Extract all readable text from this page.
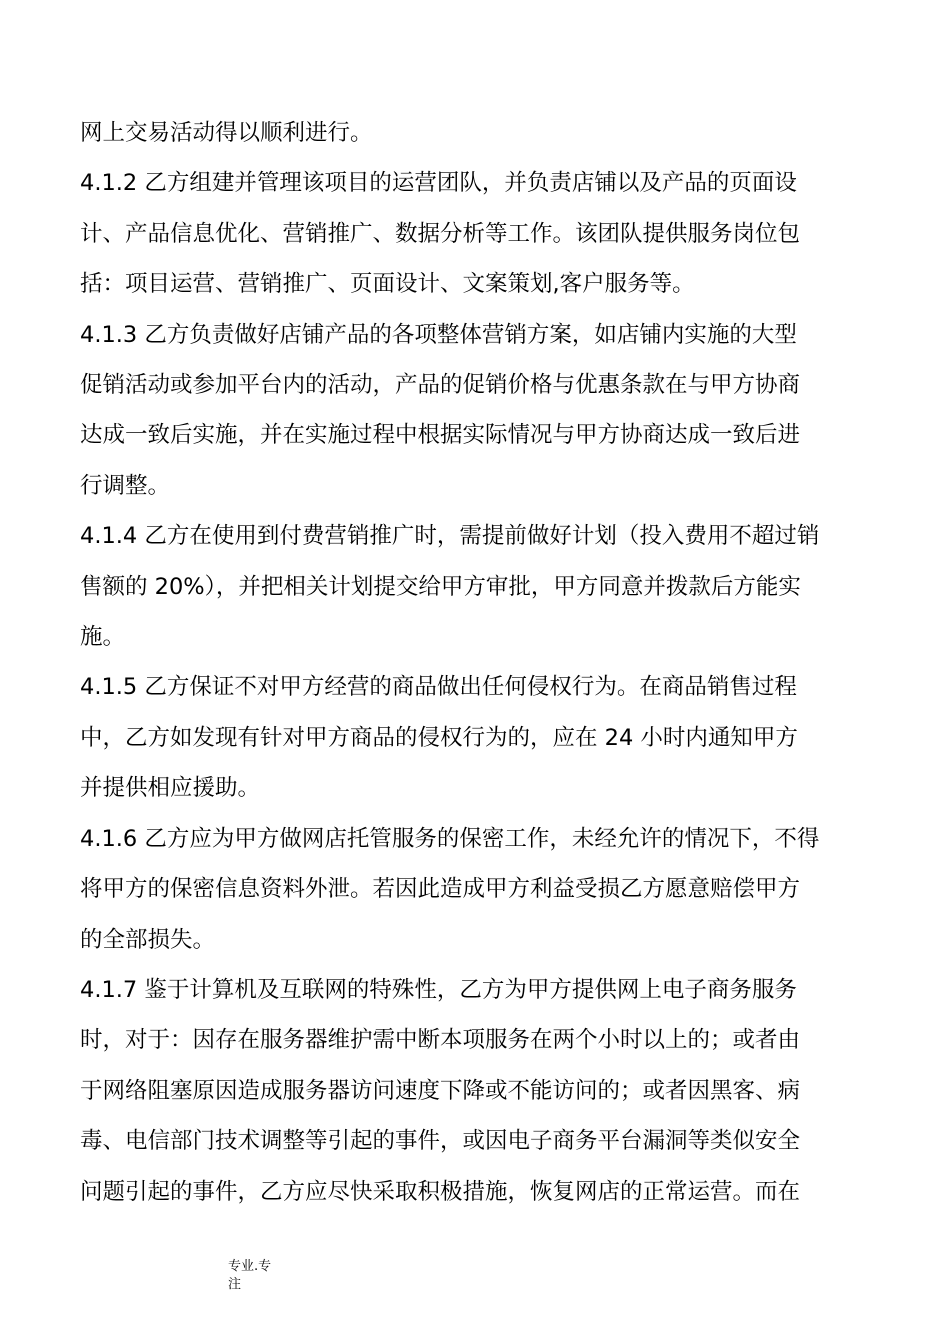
网上交易活动得以顺利进行。

4.1.2 乙方组建并管理该项目的运营团队，并负责店铺以及产品的页面设
计、产品信息优化、营销推广、数据分析等工作。该团队提供服务岗位包
括：项目运营、营销推广、页面设计、文案策划,客户服务等。

4.1.3 乙方负责做好店铺产品的各项整体营销方案，如店铺内实施的大型
促销活动或参加平台内的活动，产品的促销价格与优惠条款在与甲方协商
达成一致后实施，并在实施过程中根据实际情况与甲方协商达成一致后进
行调整。

4.1.4 乙方在使用到付费营销推广时，需提前做好计划（投入费用不超过销
售额的 20%），并把相关计划提交给甲方审批，甲方同意并拨款后方能实
施。

4.1.5 乙方保证不对甲方经营的商品做出任何侵权行为。在商品销售过程
中，乙方如发现有针对甲方商品的侵权行为的，应在 24 小时内通知甲方
并提供相应援助。

4.1.6 乙方应为甲方做网店托管服务的保密工作，未经允许的情况下，不得
将甲方的保密信息资料外泄。若因此造成甲方利益受损乙方愿意赔偿甲方
的全部损失。

4.1.7 鉴于计算机及互联网的特殊性，乙方为甲方提供网上电子商务服务
时，对于：因存在服务器维护需中断本项服务在两个小时以上的；或者由
于网络阻塞原因造成服务器访问速度下降或不能访问的；或者因黑客、病
毒、电信部门技术调整等引起的事件，或因电子商务平台漏洞等类似安全
问题引起的事件，乙方应尽快采取积极措施，恢复网店的正常运营。而在

专业.专
注
